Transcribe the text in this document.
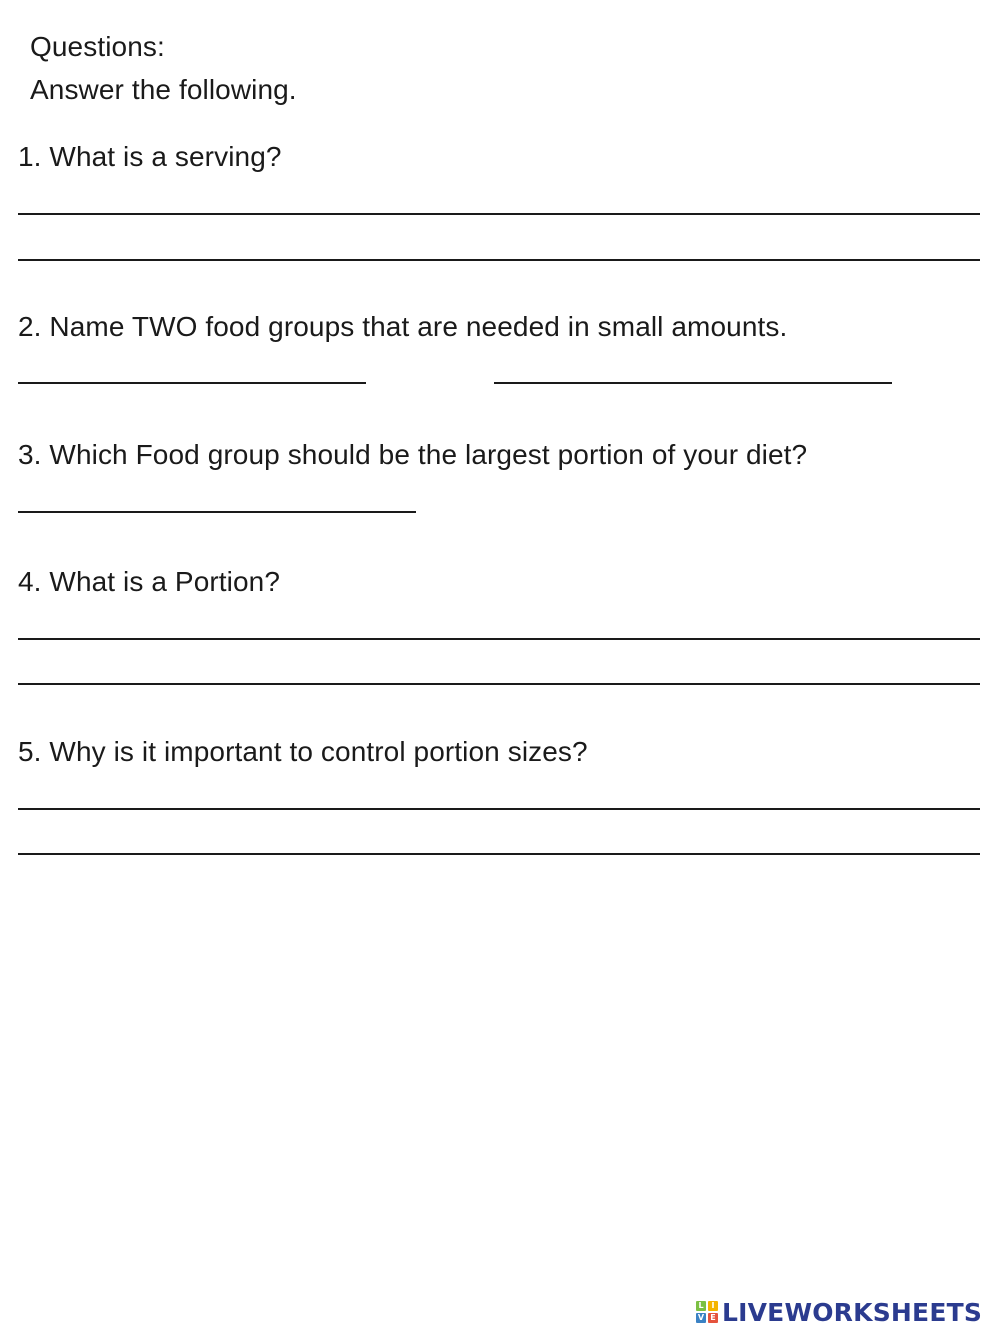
Questions:
Answer the following.
1. What is a serving?
2. Name TWO food groups that are needed in small amounts.
3. Which Food group should be the largest portion of your diet?
4. What is a Portion?
5. Why is it important to control portion sizes?
L I
V E LIVEWORKSHEETS
